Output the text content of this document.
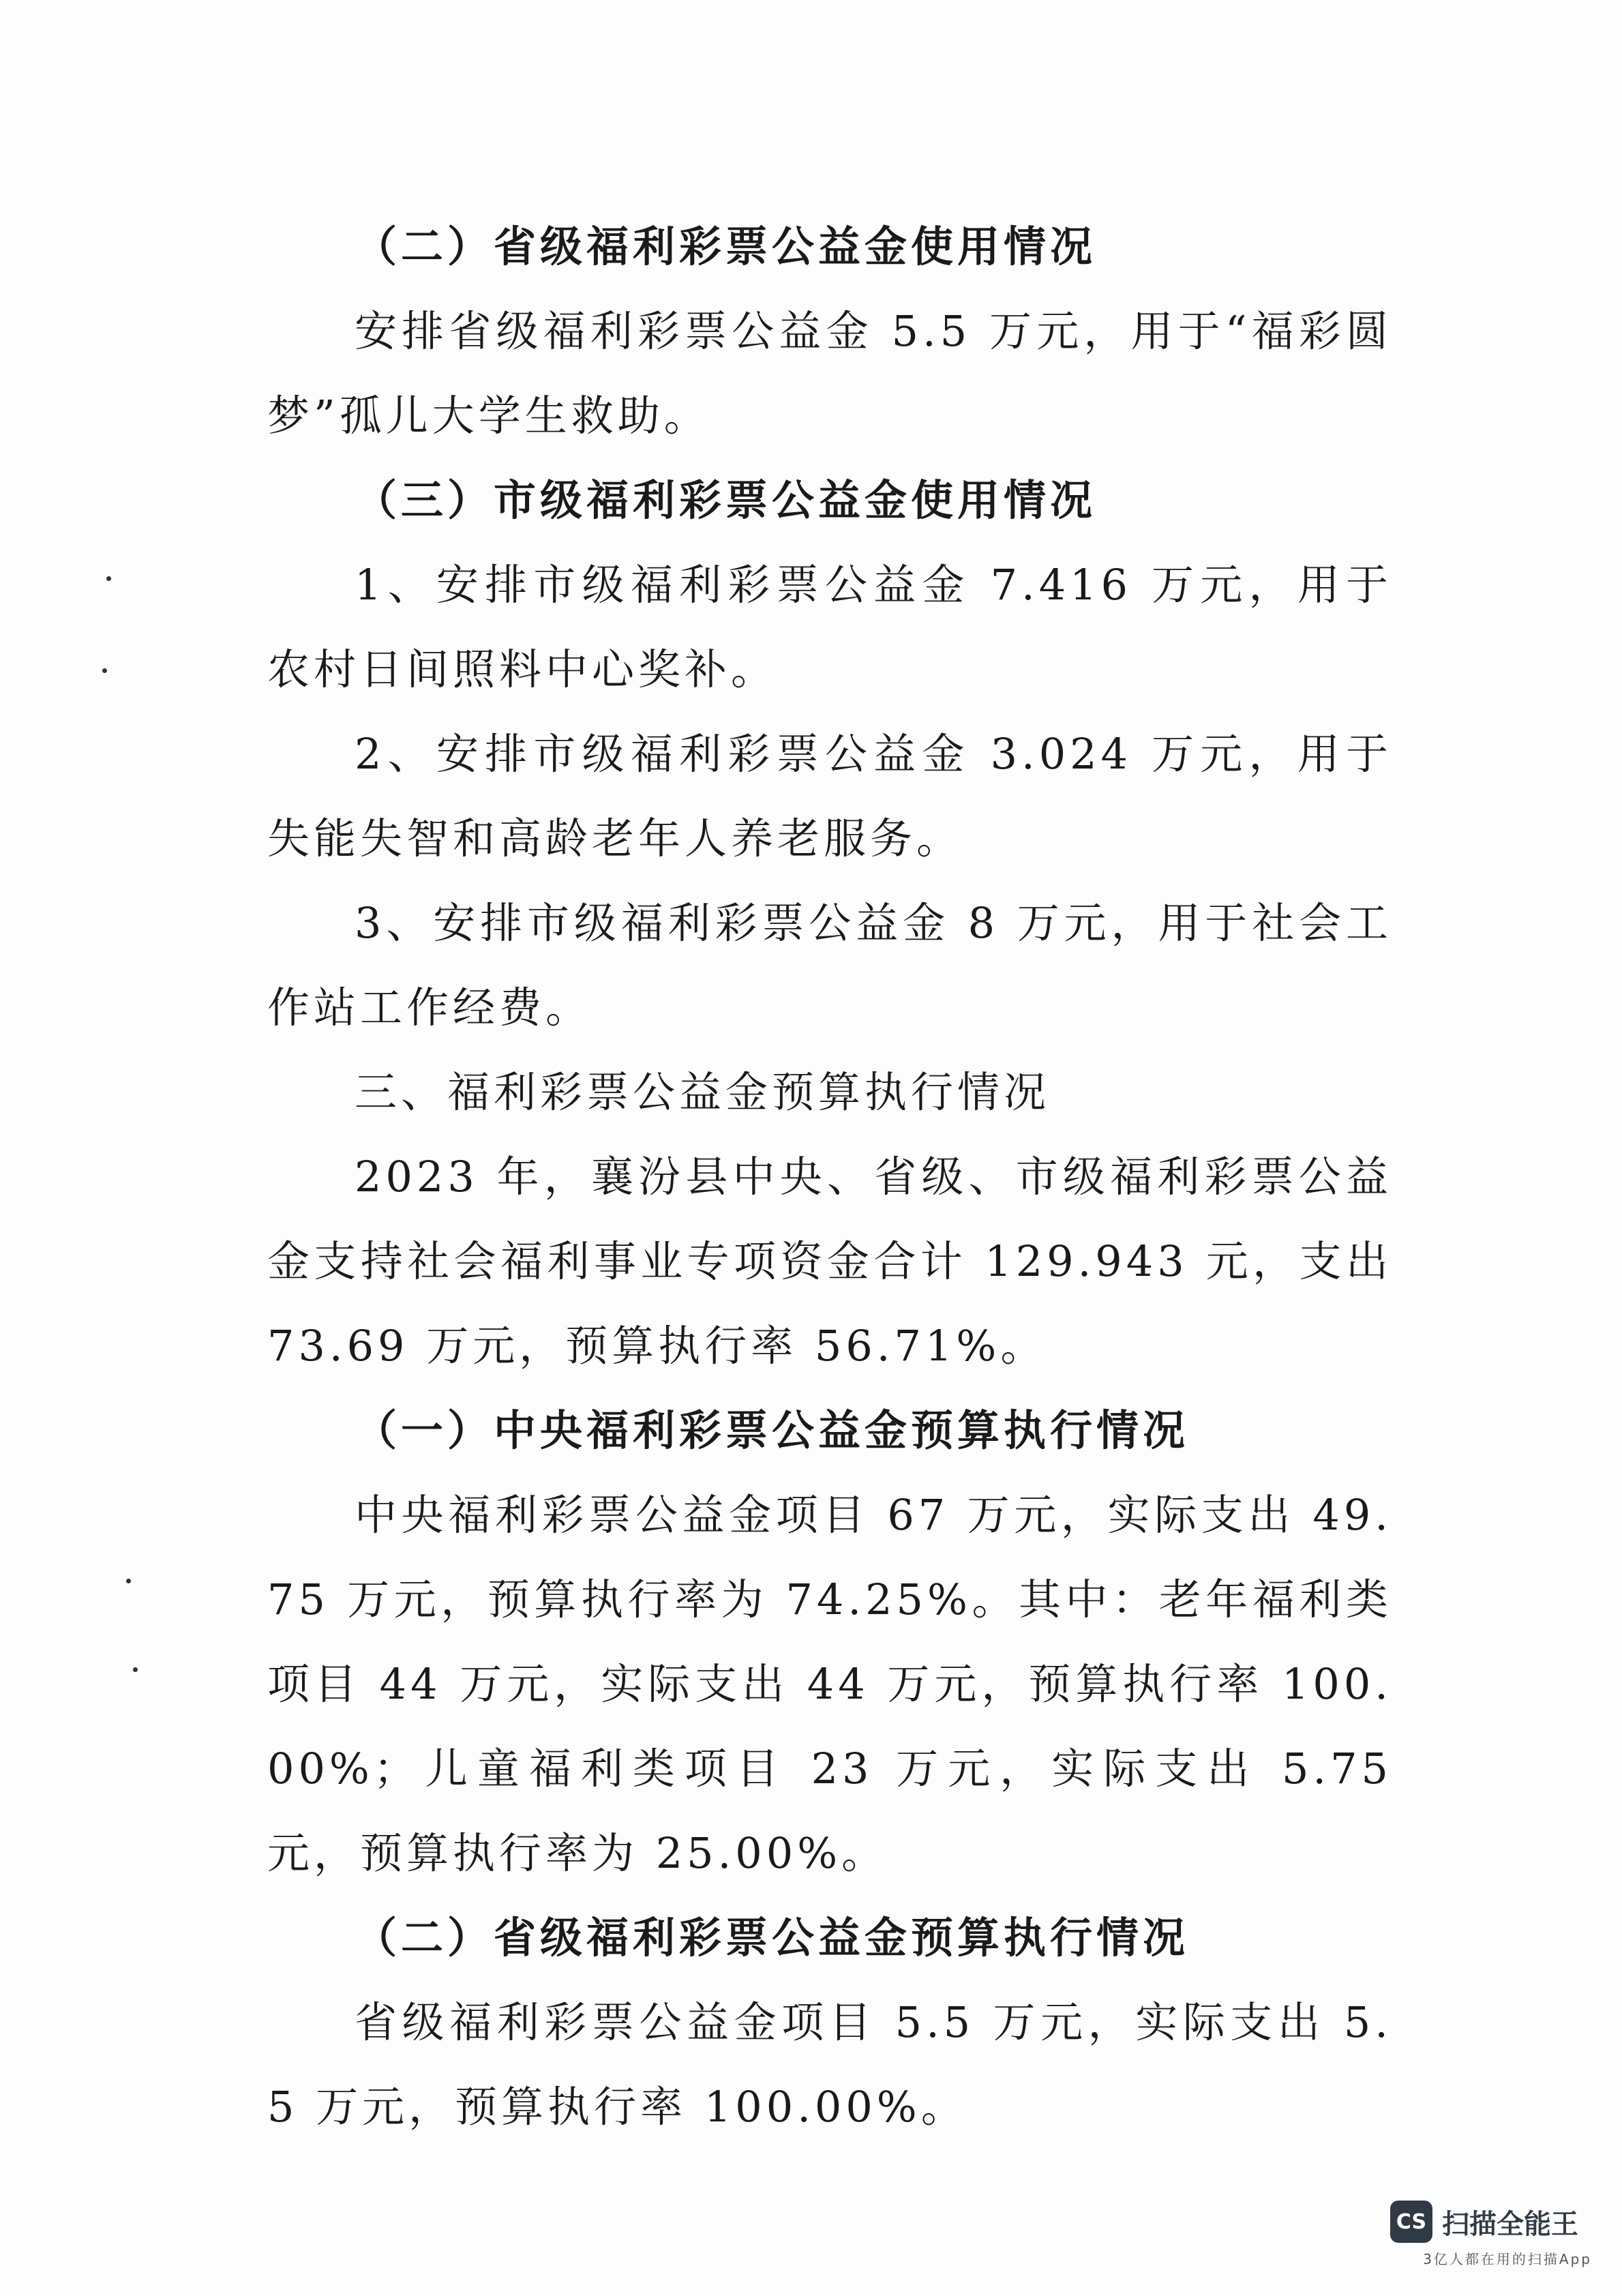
（二）省级福利彩票公益金使用情况

安排省级福利彩票公益金 5.5 万元，用于“福彩圆梦”孤儿大学生救助。

（三）市级福利彩票公益金使用情况

1、安排市级福利彩票公益金 7.416 万元，用于农村日间照料中心奖补。

2、安排市级福利彩票公益金 3.024 万元，用于失能失智和高龄老年人养老服务。

3、安排市级福利彩票公益金 8 万元，用于社会工作站工作经费。

三、福利彩票公益金预算执行情况

2023 年，襄汾县中央、省级、市级福利彩票公益金支持社会福利事业专项资金合计 129.943 元，支出 73.69 万元，预算执行率 56.71%。

（一）中央福利彩票公益金预算执行情况

中央福利彩票公益金项目 67 万元，实际支出 49.75 万元，预算执行率为 74.25%。其中：老年福利类项目 44 万元，实际支出 44 万元，预算执行率 100.00%；儿童福利类项目 23 万元，实际支出 5.75 元，预算执行率为 25.00%。

（二）省级福利彩票公益金预算执行情况

省级福利彩票公益金项目 5.5 万元，实际支出 5.5 万元，预算执行率 100.00%。

CS 扫描全能王
3亿人都在用的扫描App
